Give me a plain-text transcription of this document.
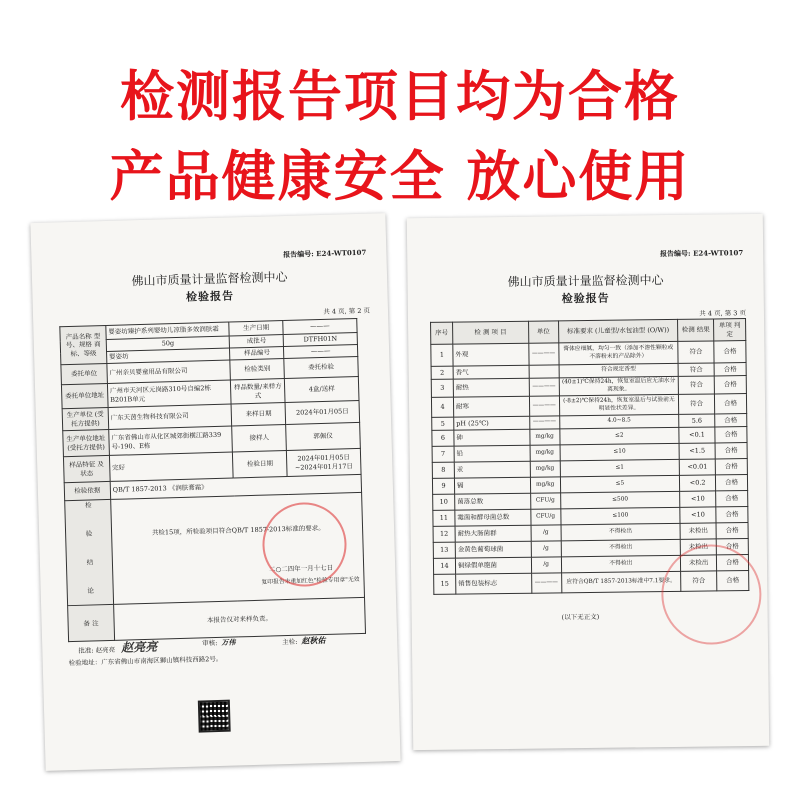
检测报告项目均为合格
产品健康安全 放心使用
报告编号: E24-WT0107
佛山市质量计量监督检测中心
检验报告
共 4 页, 第 2 页
产品名称 型号、规格 商标、等级	婴姿坊臻护系列婴幼儿凉脂多效润肤霜	生产日期	———
	50g	成批号	DTFH01N
	婴姿坊	样品编号	———
委托单位	广州亲贝婴童用品有限公司	检验类别	委托检验
委托单位地址	广州市天河区元岗路310号自编2栋B201B单元	样品数量/来样方式	4盒/送样
生产单位 (受托方提供)	广东天茵生物科技有限公司	来样日期	2024年01月05日
生产单位地址 (受托方提供)	广东省佛山市从化区城郊街横江路339号-190、E栋	接样人	郭佩仪
样品特征 及状态	完好	检验日期	2024年01月05日 ~2024年01月17日
检验依据	QB/T 1857-2013 《润肤膏霜》		
检 验 结 论	共检15项，所检验项目符合QB/T 1857-2013标准的要求。
二○二四年一月十七日
复印报告未重加红色"检验专用章"无效		

备 注	本报告仅对来样负责。		
批准: 赵亮亮 赵亮亮	审核: 万伟	主检: 赵秋佑
检验地址：广东省佛山市南海区狮山镇科技西路2号。
报告编号: E24-WT0107
佛山市质量计量监督检测中心
检验报告
共 4 页, 第 3 页
序号	检 测 项 目	单位	标准要求 (儿童型/水包油型 (O/W))	检测 结果	单项 判定
1	外观	————	膏体应细腻，均匀一致（添加不溶性颗粒或不溶粉末的产品除外）	符合	合格
2	香气		符合规定香型	符合	合格
3	耐热	————	(40±1)℃保持24h，恢复室温后应无油水分离现象。	符合	合格
4	耐寒	————	(-8±2)℃保持24h，恢复室温后与试验前无明显性状差异。	符合	合格
5	pH (25℃)	————	4.0~8.5	5.6	合格
6	砷	mg/kg	≤2	<0.1	合格
7	铅	mg/kg	≤10	<1.5	合格
8	汞	mg/kg	≤1	<0.01	合格
9	镉	mg/kg	≤5	<0.2	合格
10	菌落总数	CFU/g	≤500	<10	合格
11	霉菌和酵母菌总数	CFU/g	≤100	<10	合格
12	耐热大肠菌群	/g	不得检出	未检出	合格
13	金黄色葡萄球菌	/g	不得检出	未检出	合格
14	铜绿假单胞菌	/g	不得检出	未检出	合格
15	销售包装标志	————	应符合QB/T 1857-2013标准中7.1要求。	符合	合格
(以下无正文)
